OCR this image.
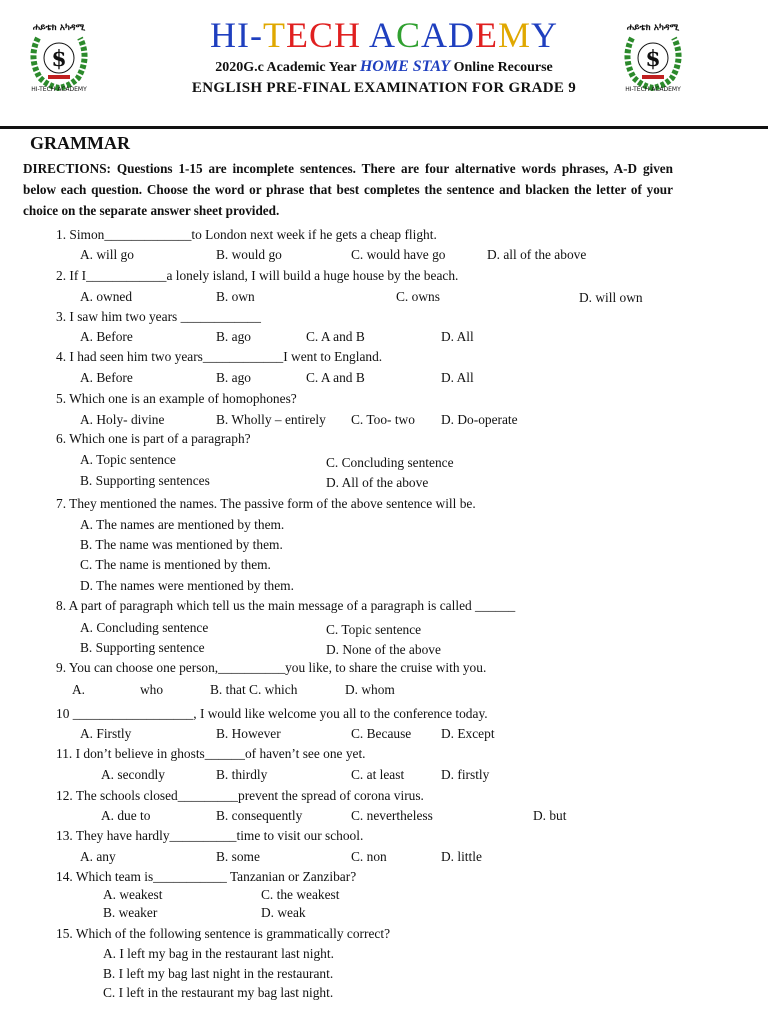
ሐይቴክ አካዳሚ
$
HI-TECH ACADEMY
ሐይቴክ አካዳሚ
$
HI-TECH ACADEMY
HI-TECH ACADEMY
2020G.c Academic Year HOME STAY Online Recourse
ENGLISH PRE-FINAL EXAMINATION FOR GRADE 9
GRAMMAR
DIRECTIONS: Questions 1-15 are incomplete sentences. There are four alternative words phrases, A-D given below each question. Choose the word or phrase that best completes the sentence and blacken the letter of your choice on the separate answer sheet provided.
1. Simon_____________to London next week if he gets a cheap flight.
A. will go	B. would go	C. would have go	D. all of the above
2. If I____________a lonely island, I will build a huge house by the beach.
A. owned	B. own	C. owns	D. will own
3. I saw him two years ____________
A. Before	B. ago	C. A and B	D. All
4. I had seen him two years____________I went to England.
A. Before	B. ago	C. A and B	D. All
5. Which one is an example of homophones?
A. Holy- divine	B. Wholly – entirely C. Too- two D. Do-operate
6. Which one is part of a paragraph?
A. Topic sentence
B. Supporting sentences
C. Concluding sentence
D. All of the above
7. They mentioned the names. The passive form of the above sentence will be.
A. The names are mentioned by them.
B. The name was mentioned by them.
C. The name is mentioned by them.
D. The names were mentioned by them.
8. A part of paragraph which tell us the main message of a paragraph is called ______
A. Concluding sentence
B. Supporting sentence
C. Topic sentence
D. None of the above
9. You can choose one person,__________you like, to share the cruise with you.
A.	who	B. that C. which	D. whom
10 __________________, I would like welcome you all to the conference today.
A. Firstly	B. However	C. Because D. Except
11. I don’t believe in ghosts______of haven’t see one yet.
A. secondly	B. thirdly	C. at least	D. firstly
12. The schools closed_________prevent the spread of corona virus.
A. due to	B. consequently	C. nevertheless	D. but
13. They have hardly__________time to visit our school.
A. any	B. some	C. non	D. little
14. Which team is___________ Tanzanian or Zanzibar?
A. weakest
B. weaker
C. the weakest
D. weak
15. Which of the following sentence is grammatically correct?
A. I left my bag in the restaurant last night.
B. I left my bag last night in the restaurant.
C. I left in the restaurant my bag last night.
